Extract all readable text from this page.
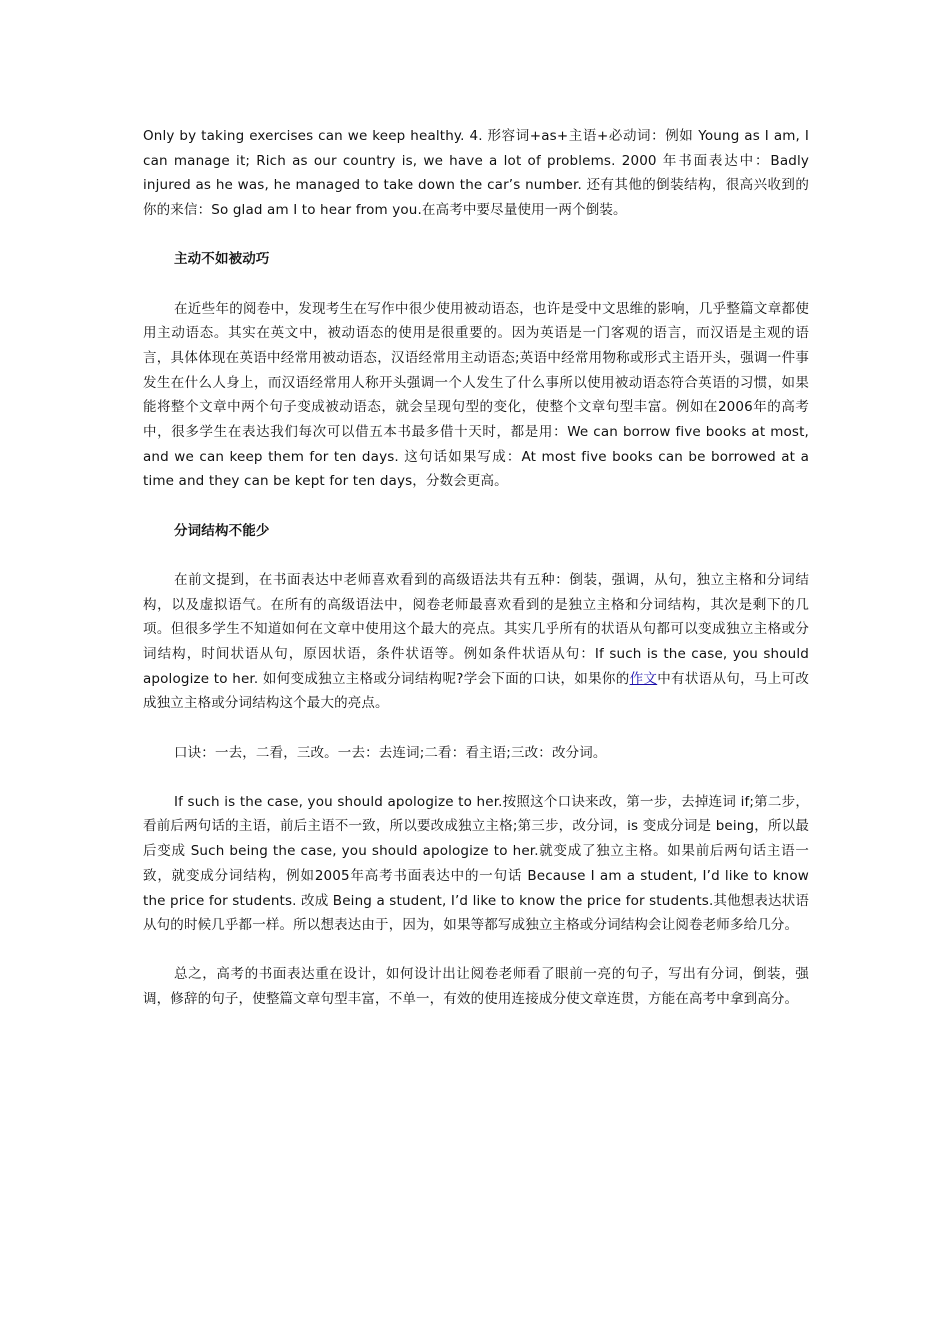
Only by taking exercises can we keep healthy. 4. 形容词+as+主语+必动词：例如 Young as I am, I can manage it; Rich as our country is, we have a lot of problems. 2000 年书面表达中：Badly injured as he was, he managed to take down the car’s number. 还有其他的倒装结构，很高兴收到的你的来信：So glad am I to hear from you.在高考中要尽量使用一两个倒装。

主动不如被动巧

在近些年的阅卷中，发现考生在写作中很少使用被动语态，也许是受中文思维的影响，几乎整篇文章都使用主动语态。其实在英文中，被动语态的使用是很重要的。因为英语是一门客观的语言，而汉语是主观的语言，具体体现在英语中经常用被动语态，汉语经常用主动语态;英语中经常用物称或形式主语开头，强调一件事发生在什么人身上，而汉语经常用人称开头强调一个人发生了什么事所以使用被动语态符合英语的习惯，如果能将整个文章中两个句子变成被动语态，就会呈现句型的变化，使整个文章句型丰富。例如在2006年的高考中，很多学生在表达我们每次可以借五本书最多借十天时，都是用：We can borrow five books at most, and we can keep them for ten days. 这句话如果写成：At most five books can be borrowed at a time and they can be kept for ten days，分数会更高。

分词结构不能少

在前文提到，在书面表达中老师喜欢看到的高级语法共有五种：倒装，强调，从句，独立主格和分词结构，以及虚拟语气。在所有的高级语法中，阅卷老师最喜欢看到的是独立主格和分词结构，其次是剩下的几项。但很多学生不知道如何在文章中使用这个最大的亮点。其实几乎所有的状语从句都可以变成独立主格或分词结构，时间状语从句，原因状语，条件状语等。例如条件状语从句：If such is the case, you should apologize to her. 如何变成独立主格或分词结构呢?学会下面的口诀，如果你的作文中有状语从句，马上可改成独立主格或分词结构这个最大的亮点。

口诀：一去，二看，三改。一去：去连词;二看：看主语;三改：改分词。

If such is the case, you should apologize to her.按照这个口诀来改，第一步，去掉连词 if;第二步，看前后两句话的主语，前后主语不一致，所以要改成独立主格;第三步，改分词，is 变成分词是 being，所以最后变成 Such being the case, you should apologize to her.就变成了独立主格。如果前后两句话主语一致，就变成分词结构，例如2005年高考书面表达中的一句话 Because I am a student, I’d like to know the price for students. 改成 Being a student, I’d like to know the price for students.其他想表达状语从句的时候几乎都一样。所以想表达由于，因为，如果等都写成独立主格或分词结构会让阅卷老师多给几分。

总之，高考的书面表达重在设计，如何设计出让阅卷老师看了眼前一亮的句子，写出有分词，倒装，强调，修辞的句子，使整篇文章句型丰富，不单一，有效的使用连接成分使文章连贯，方能在高考中拿到高分。
